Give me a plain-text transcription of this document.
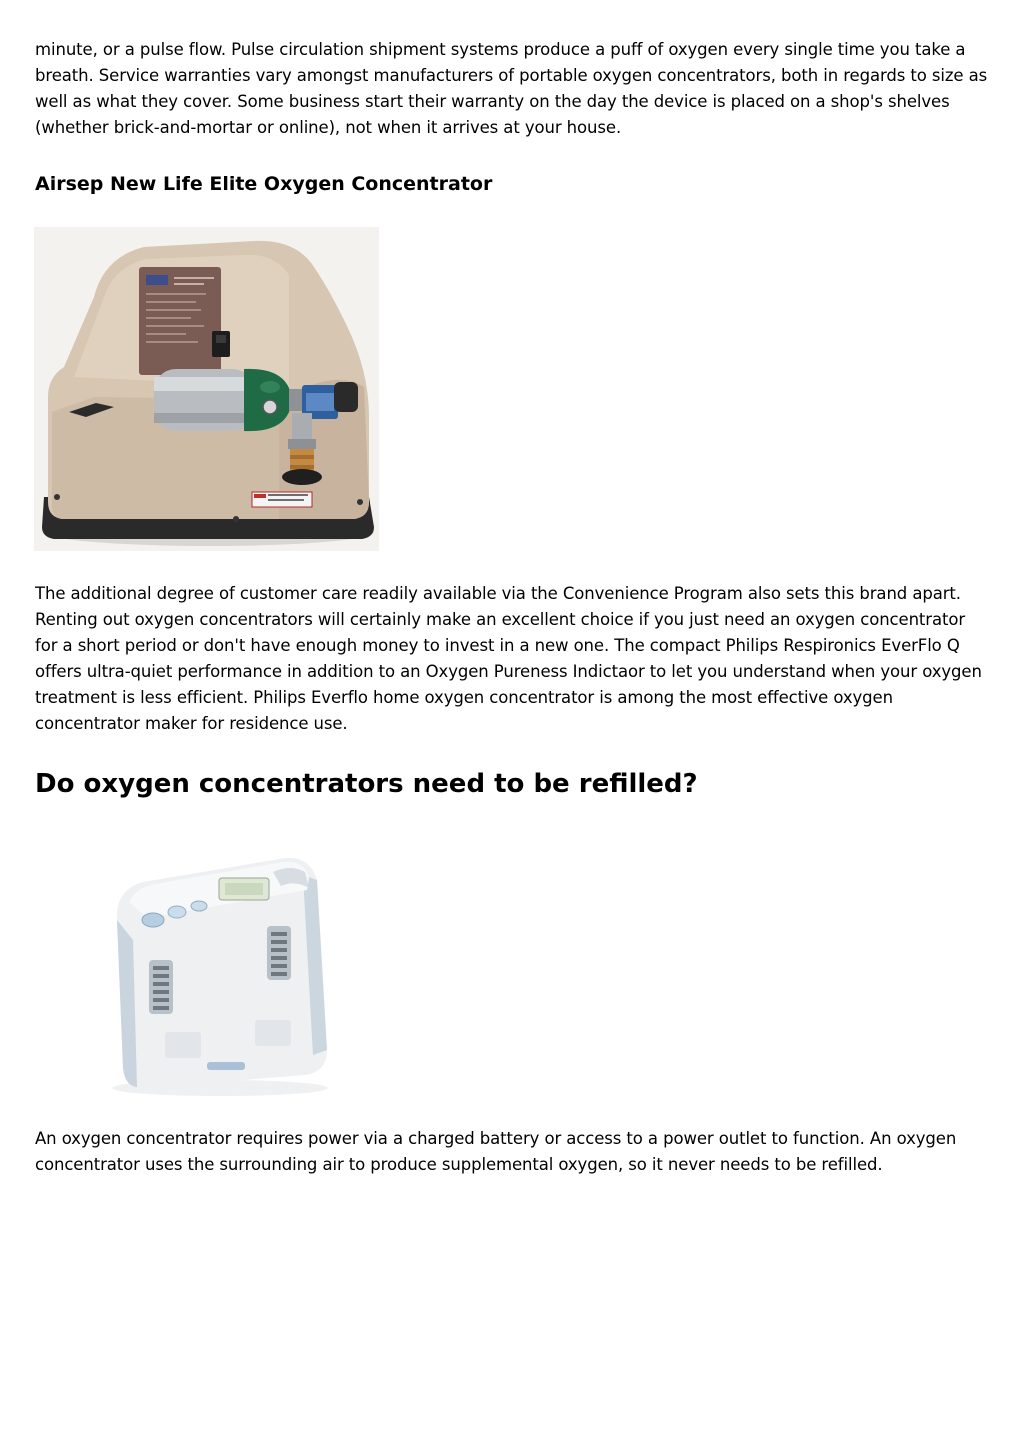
minute, or a pulse flow. Pulse circulation shipment systems produce a puff of oxygen every single time you take a breath. Service warranties vary amongst manufacturers of portable oxygen concentrators, both in regards to size as well as what they cover. Some business start their warranty on the day the device is placed on a shop's shelves (whether brick-and-mortar or online), not when it arrives at your house.

Airsep New Life Elite Oxygen Concentrator

The additional degree of customer care readily available via the Convenience Program also sets this brand apart. Renting out oxygen concentrators will certainly make an excellent choice if you just need an oxygen concentrator for a short period or don't have enough money to invest in a new one. The compact Philips Respironics EverFlo Q offers ultra-quiet performance in addition to an Oxygen Pureness Indictaor to let you understand when your oxygen treatment is less efficient. Philips Everflo home oxygen concentrator is among the most effective oxygen concentrator maker for residence use.

Do oxygen concentrators need to be refilled?

An oxygen concentrator requires power via a charged battery or access to a power outlet to function. An oxygen concentrator uses the surrounding air to produce supplemental oxygen, so it never needs to be refilled.
